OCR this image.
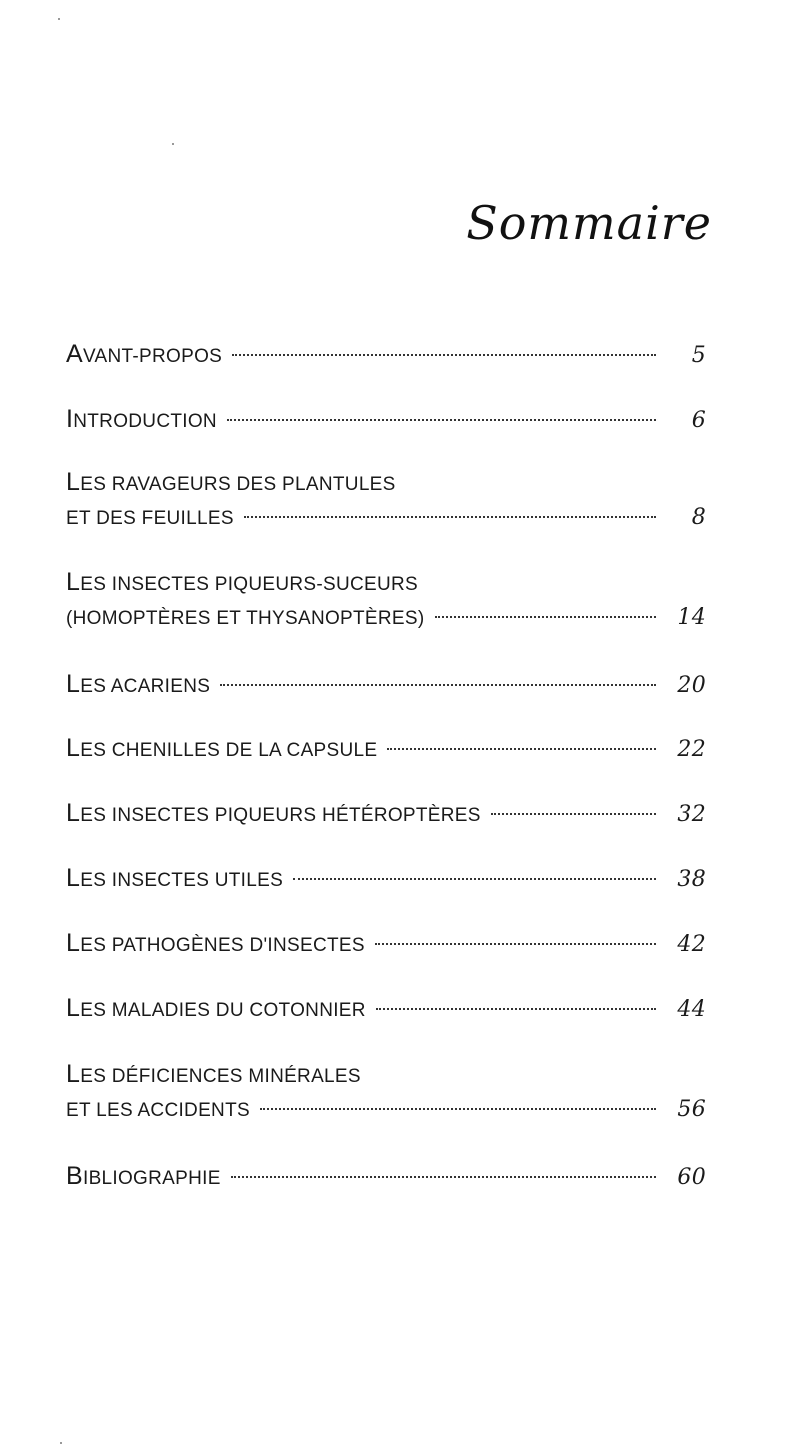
Sommaire
AVANT-PROPOS	5
INTRODUCTION	6
LES RAVAGEURS DES PLANTULES
ET DES FEUILLES	8
LES INSECTES PIQUEURS-SUCEURS
(HOMOPTÈRES ET THYSANOPTÈRES)	14
LES ACARIENS	20
LES CHENILLES DE LA CAPSULE	22
LES INSECTES PIQUEURS HÉTÉROPTÈRES	32
LES INSECTES UTILES	38
LES PATHOGÈNES D'INSECTES	42
LES MALADIES DU COTONNIER	44
LES DÉFICIENCES MINÉRALES
ET LES ACCIDENTS	56
BIBLIOGRAPHIE	60
